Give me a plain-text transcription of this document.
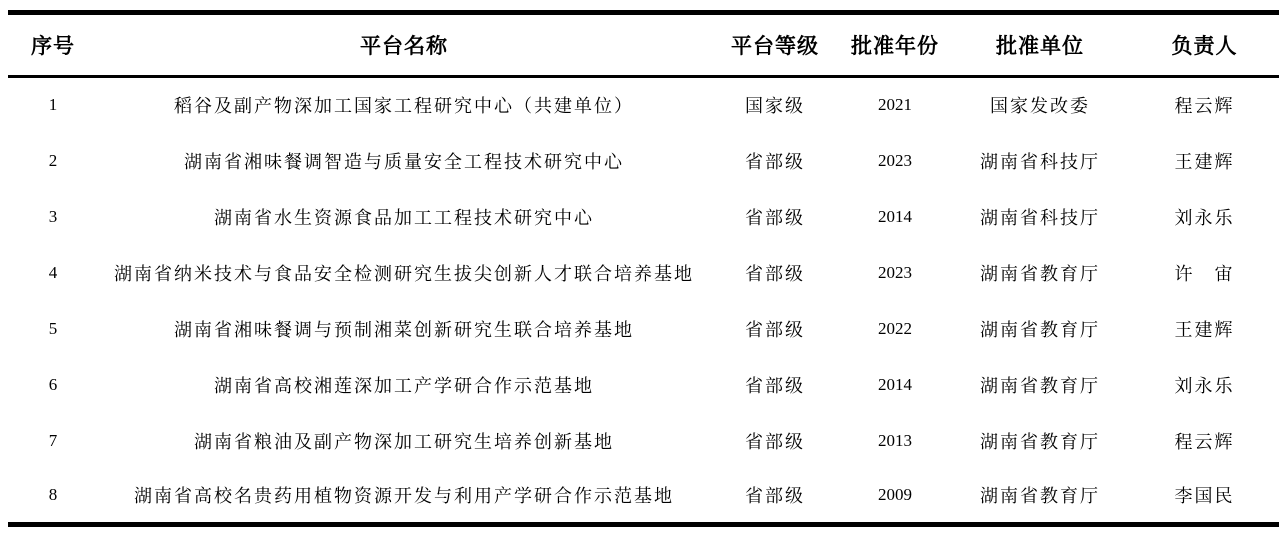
序号	平台名称	平台等级	批准年份	批准单位	负责人
1	稻谷及副产物深加工国家工程研究中心（共建单位）	国家级	2021	国家发改委	程云辉
2	湖南省湘味餐调智造与质量安全工程技术研究中心	省部级	2023	湖南省科技厅	王建辉
3	湖南省水生资源食品加工工程技术研究中心	省部级	2014	湖南省科技厅	刘永乐
4	湖南省纳米技术与食品安全检测研究生拔尖创新人才联合培养基地	省部级	2023	湖南省教育厅	许　宙
5	湖南省湘味餐调与预制湘菜创新研究生联合培养基地	省部级	2022	湖南省教育厅	王建辉
6	湖南省高校湘莲深加工产学研合作示范基地	省部级	2014	湖南省教育厅	刘永乐
7	湖南省粮油及副产物深加工研究生培养创新基地	省部级	2013	湖南省教育厅	程云辉
8	湖南省高校名贵药用植物资源开发与利用产学研合作示范基地	省部级	2009	湖南省教育厅	李国民
